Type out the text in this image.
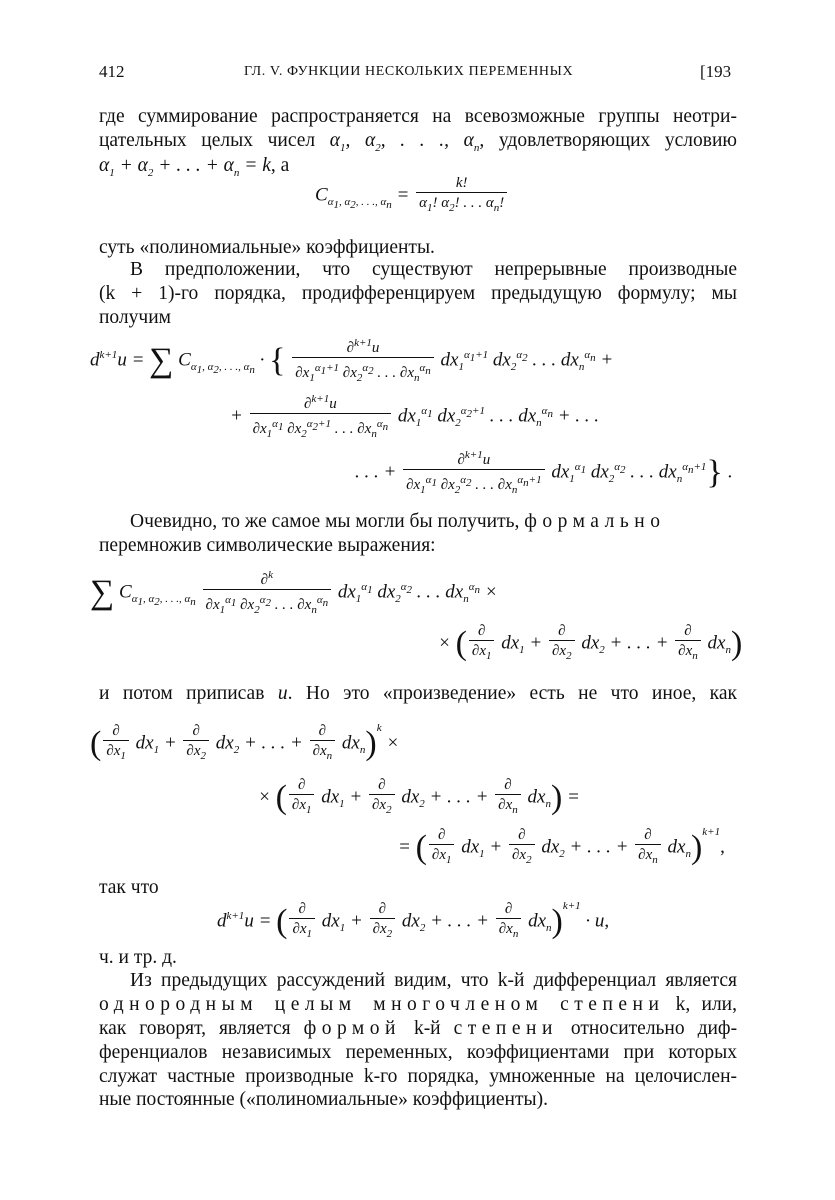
412	ГЛ. V. ФУНКЦИИ НЕСКОЛЬКИХ ПЕРЕМЕННЫХ	[193
где суммирование распространяется на всевозможные группы неотри-
цательных целых чисел $\alpha_1$, $\alpha_2$, . . ., $\alpha_n$, удовлетворяющих условию
$\alpha_1 + \alpha_2$ + . . . + $\alpha_n = k$, a
$C_{\alpha_1, \alpha_2, . . ., \alpha_n} = \frac{k!}{\alpha_1! \alpha_2! . . . \alpha_n!}$
суть «полиномиальные» коэффициенты.
В предположении, что существуют непрерывные производные
(k + 1)-го порядка, продифференцируем предыдущую формулу; мы
получим
$d^{k+1}u$ = ∑ $C_{\alpha_1, \alpha_2, . . ., \alpha_n}$ · { $\frac{\partial^{k+1}u}{\partial x_1^{\alpha_1+1} \partial x_2^{\alpha_2} . . . \partial x_n^{\alpha_n}} dx_1^{\alpha_1+1}$ $dx_2^{\alpha_2}$ . . . $dx_n^{\alpha_n}$ +
+ $\frac{\partial^{k+1}u}{\partial x_1^{\alpha_1} \partial x_2^{\alpha_2+1} . . . \partial x_n^{\alpha_n}} dx_1^{\alpha_1}$ $dx_2^{\alpha_2+1}$ . . . $dx_n^{\alpha_n}$ + . . .
. . . + $\frac{\partial^{k+1}u}{\partial x_1^{\alpha_1} \partial x_2^{\alpha_2} . . . \partial x_n^{\alpha_n+1}} dx_1^{\alpha_1}$ $dx_2^{\alpha_2}$ . . . $dx_n^{\alpha_n+1}$} .
Очевидно, то же самое мы могли бы получить, формально
перемножив символические выражения:
∑ $C_{\alpha_1, \alpha_2, . . ., \alpha_n} \frac{\partial^k}{\partial x_1^{\alpha_1} \partial x_2^{\alpha_2} . . . \partial x_n^{\alpha_n}} dx_1^{\alpha_1}$ $dx_2^{\alpha_2}$ . . . $dx_n^{\alpha_n}$ ×
× ( $\frac{\partial}{\partial x_1} dx_1 + \frac{\partial}{\partial x_2} dx_2$ + . . . + $\frac{\partial}{\partial x_n} dx_n$)
и потом приписав u. Но это «произведение» есть не что иное, как
( $\frac{\partial}{\partial x_1} dx_1 + \frac{\partial}{\partial x_2} dx_2$ + . . . + $\frac{\partial}{\partial x_n} dx_n)^k$ ×
× ( $\frac{\partial}{\partial x_1} dx_1 + \frac{\partial}{\partial x_2} dx_2$ + . . . + $\frac{\partial}{\partial x_n} dx_n$) =
= ( $\frac{\partial}{\partial x_1} dx_1 + \frac{\partial}{\partial x_2} dx_2$ + . . . + $\frac{\partial}{\partial x_n} dx_n)^{k+1}$,
так что
$d^{k+1}u$ = ( $\frac{\partial}{\partial x_1} dx_1 + \frac{\partial}{\partial x_2} dx_2$ + . . . + $\frac{\partial}{\partial x_n} dx_n)^{k+1} \cdot u$,
ч. и тр. д.
Из предыдущих рассуждений видим, что k-й дифференциал является
однородным целым многочленом степени k, или,
как говорят, является формой k-й степени относительно диф-
ференциалов независимых переменных, коэффициентами при которых
служат частные производные k-го порядка, умноженные на целочислен-
ные постоянные («полиномиальные» коэффициенты).
